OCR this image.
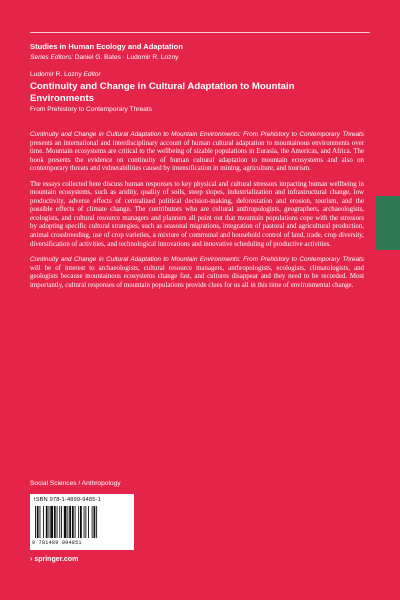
Studies in Human Ecology and Adaptation
Series Editors: Daniel G. Bates · Ludomir R. Lozny
Ludomir R. Lozny Editor
Continuity and Change in Cultural Adaptation to Mountain Environments
From Prehistory to Contemporary Threats

Continuity and Change in Cultural Adaptation to Mountain Environments: From Prehistory to Contemporary Threats presents an international and interdisciplinary account of human cultural adaptation to mountainous environments over time. Mountain ecosystems are critical to the wellbeing of sizable populations in Eurasia, the Americas, and Africa. The book presents the evidence on continuity of human cultural adaptation to mountain ecosystems and also on contemporary threats and vulnerabilities caused by intensification in mining, agriculture, and tourism.

The essays collected here discuss human responses to key physical and cultural stressors impacting human wellbeing in mountain ecosystems, such as aridity, quality of soils, steep slopes, industrialization and infrastructural change, low productivity, adverse effects of centralized political decision-making, deforestation and erosion, tourism, and the possible effects of climate change. The contributors who are cultural anthropologists, geographers, archaeologists, ecologists, and cultural resource managers and planners all point out that mountain populations cope with the stressors by adopting specific cultural strategies, such as seasonal migrations, integration of pastoral and agricultural production, animal crossbreeding, use of crop varieties, a mixture of communal and household control of land, trade, crop diversity, diversification of activities, and technological innovations and innovative scheduling of productive activities.

Continuity and Change in Cultural Adaptation to Mountain Environments: From Prehistory to Contemporary Threats will be of interest to archaeologists, cultural resource managers, anthropologists, ecologists, climatologists, and geologists because mountainous ecosystems change fast, and cultures disappear and they need to be recorded. Most importantly, cultural responses of mountain populations provide clues for us all in this time of environmental change.

Social Sciences / Anthropology
ISBN 978-1-4899-9485-1
9 781489 994851
› springer.com
